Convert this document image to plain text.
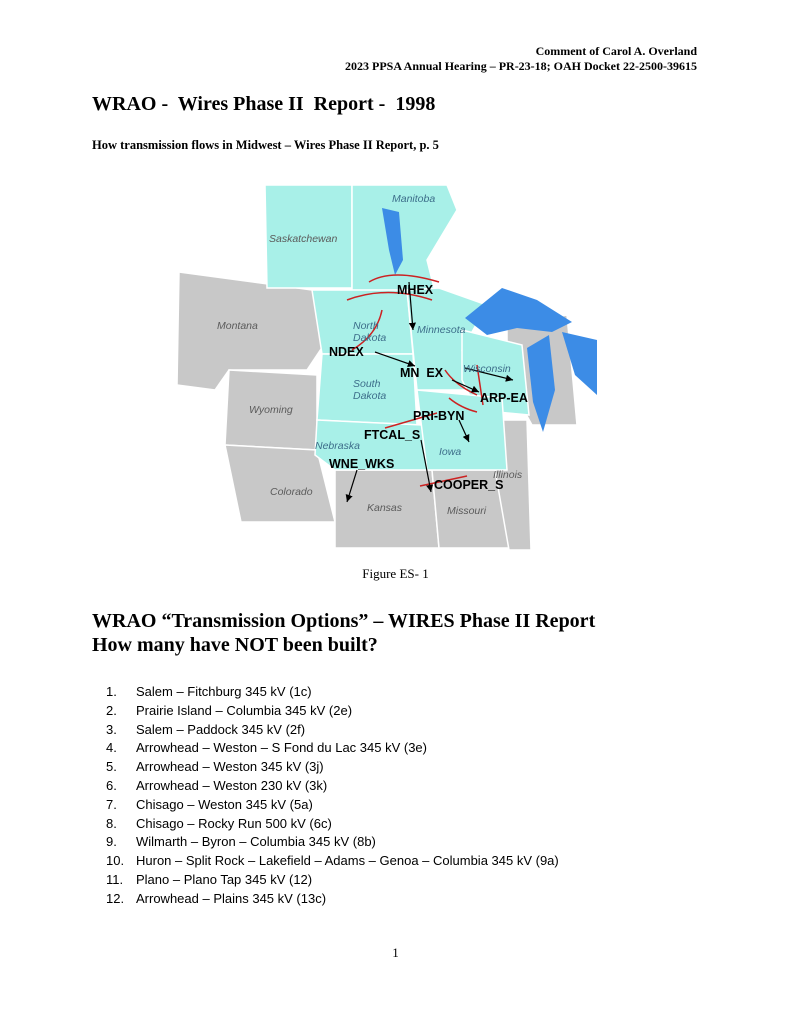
Comment of Carol A. Overland
2023 PPSA Annual Hearing – PR-23-18; OAH Docket 22-2500-39615
WRAO -  Wires Phase II  Report -  1998
How transmission flows in Midwest – Wires Phase II Report, p. 5
Manitoba
Saskatchewan
Montana	North
Dakota
Minnesota
South
Dakota
Wisconsin
Wyoming
Nebraska	Iowa
Illinois
Colorado
Kansas	Missouri
MHEX
NDEX
MN  EX
ARP-EA
PRI-BYN
FTCAL_S
WNE_WKS
COOPER_S
Figure ES- 1
WRAO “Transmission Options” – WIRES Phase II Report
How many have NOT been built?
1.	Salem – Fitchburg 345 kV (1c)
2.	Prairie Island – Columbia 345 kV (2e)
3.	Salem – Paddock 345 kV (2f)
4.	Arrowhead – Weston – S Fond du Lac 345 kV (3e)
5.	Arrowhead – Weston 345 kV (3j)
6.	Arrowhead – Weston 230 kV (3k)
7.	Chisago – Weston 345 kV (5a)
8.	Chisago – Rocky Run 500 kV (6c)
9.	Wilmarth – Byron – Columbia 345 kV (8b)
10. Huron – Split Rock – Lakefield – Adams – Genoa – Columbia 345 kV (9a)
11. Plano – Plano Tap 345 kV (12)
12. Arrowhead – Plains 345 kV (13c)
1
